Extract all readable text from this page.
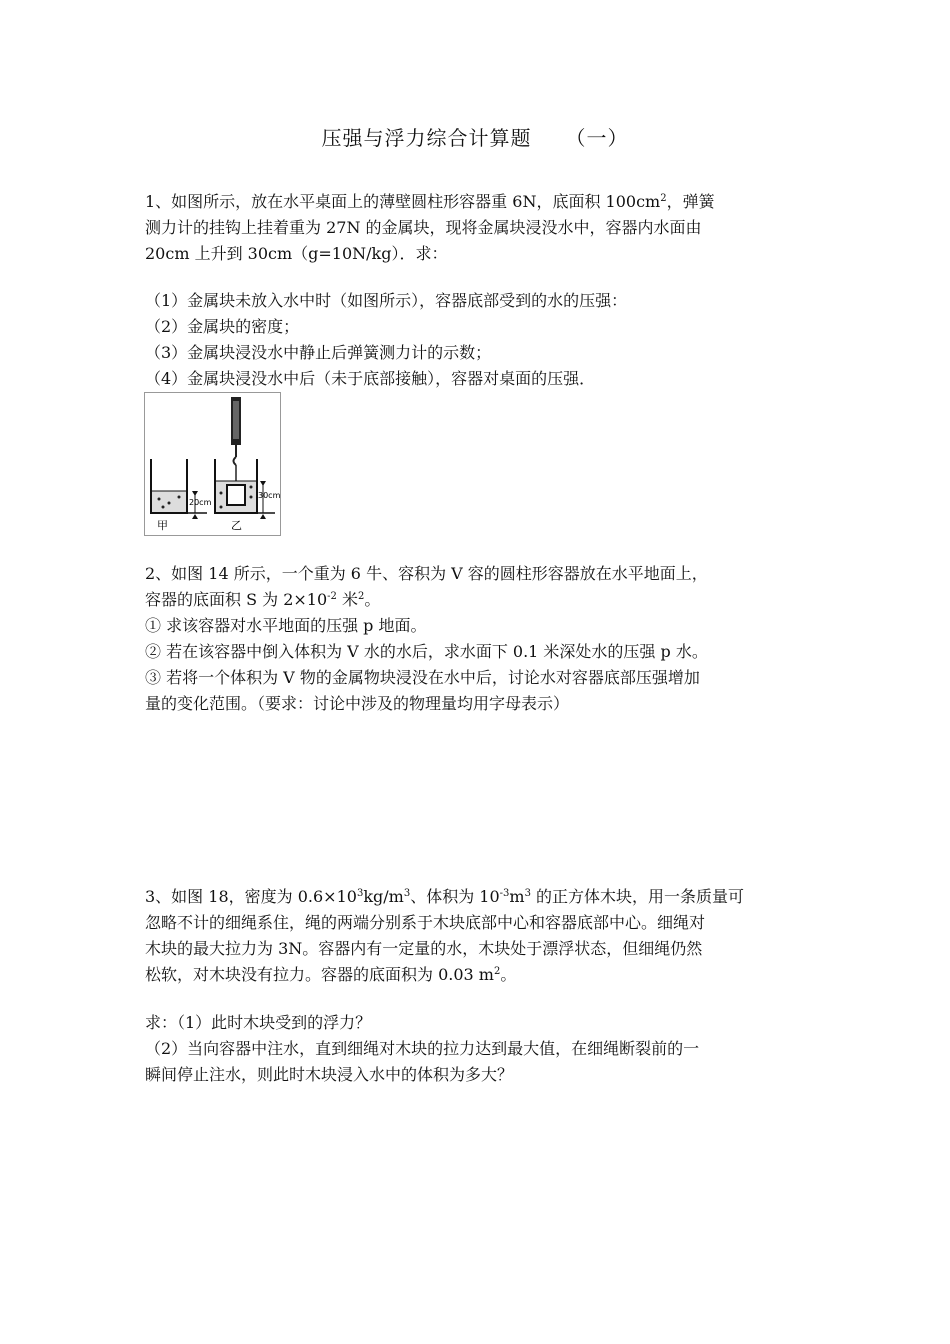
压强与浮力综合计算题 （一）
1、如图所示，放在水平桌面上的薄壁圆柱形容器重 6N，底面积 $100cm^2$，弹簧
测力计的挂钩上挂着重为 27N 的金属块，现将金属块浸没水中，容器内水面由
20cm 上升到 30cm（g=10N/kg）．求：
（1）金属块未放入水中时（如图所示），容器底部受到的水的压强：
（2）金属块的密度；
（3）金属块浸没水中静止后弹簧测力计的示数；
（4）金属块浸没水中后（未于底部接触），容器对桌面的压强．
20cm
30cm
甲	乙
2、如图 14 所示，一个重为 6 牛、容积为 V 容的圆柱形容器放在水平地面上，
容器的底面积 S 为 $2\times 10^{-2}$ 米$^2$。
① 求该容器对水平地面的压强 p 地面。
② 若在该容器中倒入体积为 V 水的水后，求水面下 0.1 米深处水的压强 p 水。
③ 若将一个体积为 V 物的金属物块浸没在水中后，讨论水对容器底部压强增加
量的变化范围。（要求：讨论中涉及的物理量均用字母表示）
3、如图 18，密度为 $0.6\times 10^3kg/m^3$、体积为 $10^{-3}m^3$ 的正方体木块，用一条质量可
忽略不计的细绳系住，绳的两端分别系于木块底部中心和容器底部中心。细绳对
木块的最大拉力为 3N。容器内有一定量的水，木块处于漂浮状态，但细绳仍然
松软，对木块没有拉力。容器的底面积为 0.03 $m^2$。
求：（1）此时木块受到的浮力？
（2）当向容器中注水，直到细绳对木块的拉力达到最大值，在细绳断裂前的一
瞬间停止注水，则此时木块浸入水中的体积为多大？
